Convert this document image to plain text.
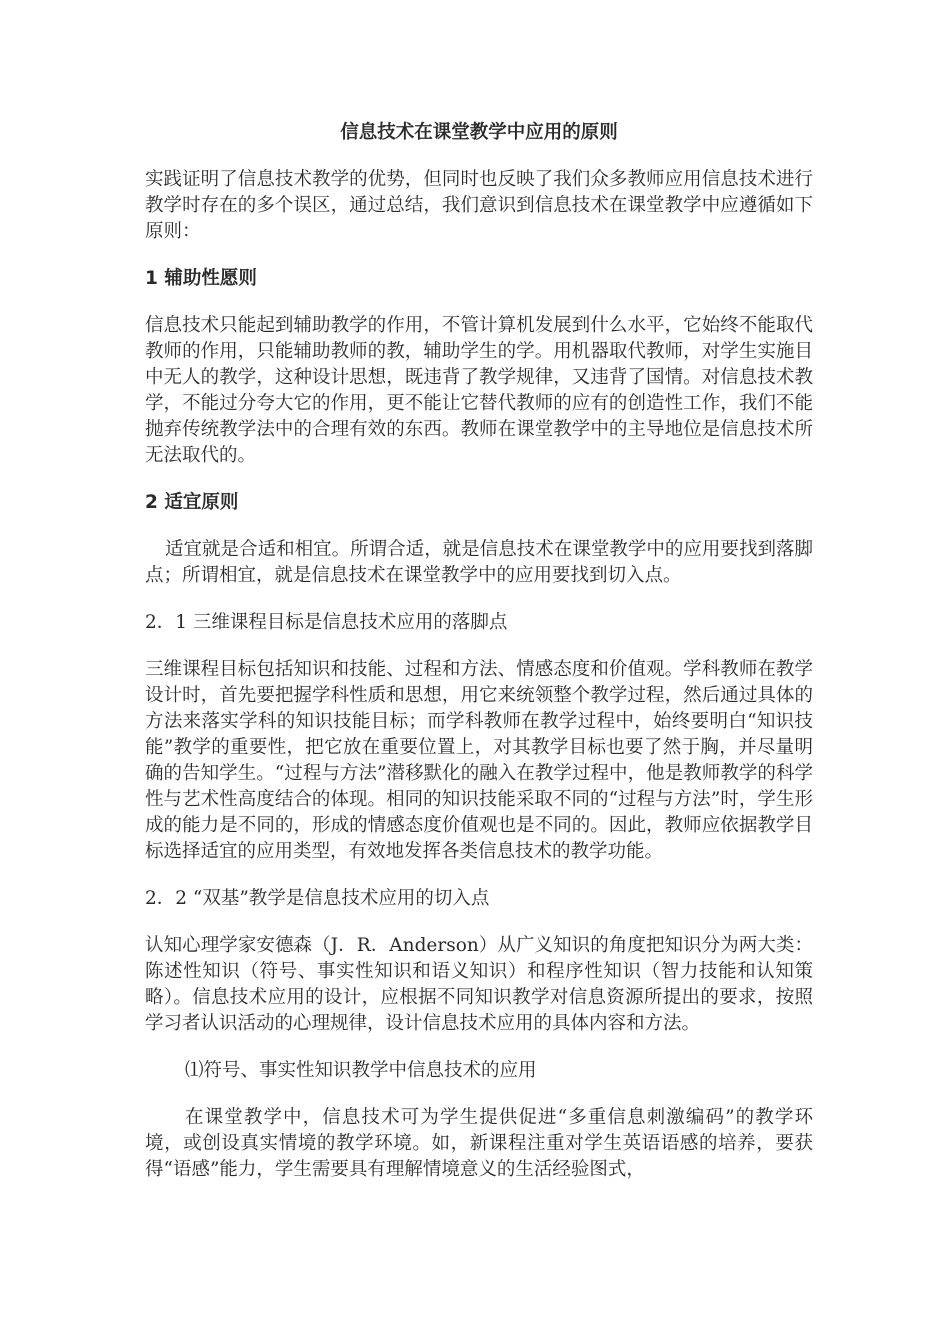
信息技术在课堂教学中应用的原则

实践证明了信息技术教学的优势，但同时也反映了我们众多教师应用信息技术进行教学时存在的多个误区，通过总结，我们意识到信息技术在课堂教学中应遵循如下原则：

1 辅助性愿则

信息技术只能起到辅助教学的作用，不管计算机发展到什么水平，它始终不能取代教师的作用，只能辅助教师的教，辅助学生的学。用机器取代教师，对学生实施目中无人的教学，这种设计思想，既违背了教学规律，又违背了国情。对信息技术教学，不能过分夸大它的作用，更不能让它替代教师的应有的创造性工作，我们不能抛弃传统教学法中的合理有效的东西。教师在课堂教学中的主导地位是信息技术所无法取代的。

2 适宜原则

适宜就是合适和相宜。所谓合适，就是信息技术在课堂教学中的应用要找到落脚点；所谓相宜，就是信息技术在课堂教学中的应用要找到切入点。

2．1 三维课程目标是信息技术应用的落脚点

三维课程目标包括知识和技能、过程和方法、情感态度和价值观。学科教师在教学设计时，首先要把握学科性质和思想，用它来统领整个教学过程，然后通过具体的方法来落实学科的知识技能目标；而学科教师在教学过程中，始终要明白“知识技能”教学的重要性，把它放在重要位置上，对其教学目标也要了然于胸，并尽量明确的告知学生。“过程与方法”潜移默化的融入在教学过程中，他是教师教学的科学性与艺术性高度结合的体现。相同的知识技能采取不同的“过程与方法”时，学生形成的能力是不同的，形成的情感态度价值观也是不同的。因此，教师应依据教学目标选择适宜的应用类型，有效地发挥各类信息技术的教学功能。

2．2 “双基”教学是信息技术应用的切入点

认知心理学家安德森（J．R．Anderson）从广义知识的角度把知识分为两大类：陈述性知识（符号、事实性知识和语义知识）和程序性知识（智力技能和认知策略）。信息技术应用的设计，应根据不同知识教学对信息资源所提出的要求，按照学习者认识活动的心理规律，设计信息技术应用的具体内容和方法。

⑴符号、事实性知识教学中信息技术的应用

在课堂教学中，信息技术可为学生提供促进“多重信息刺激编码”的教学环境，或创设真实情境的教学环境。如，新课程注重对学生英语语感的培养，要获得“语感”能力，学生需要具有理解情境意义的生活经验图式，
